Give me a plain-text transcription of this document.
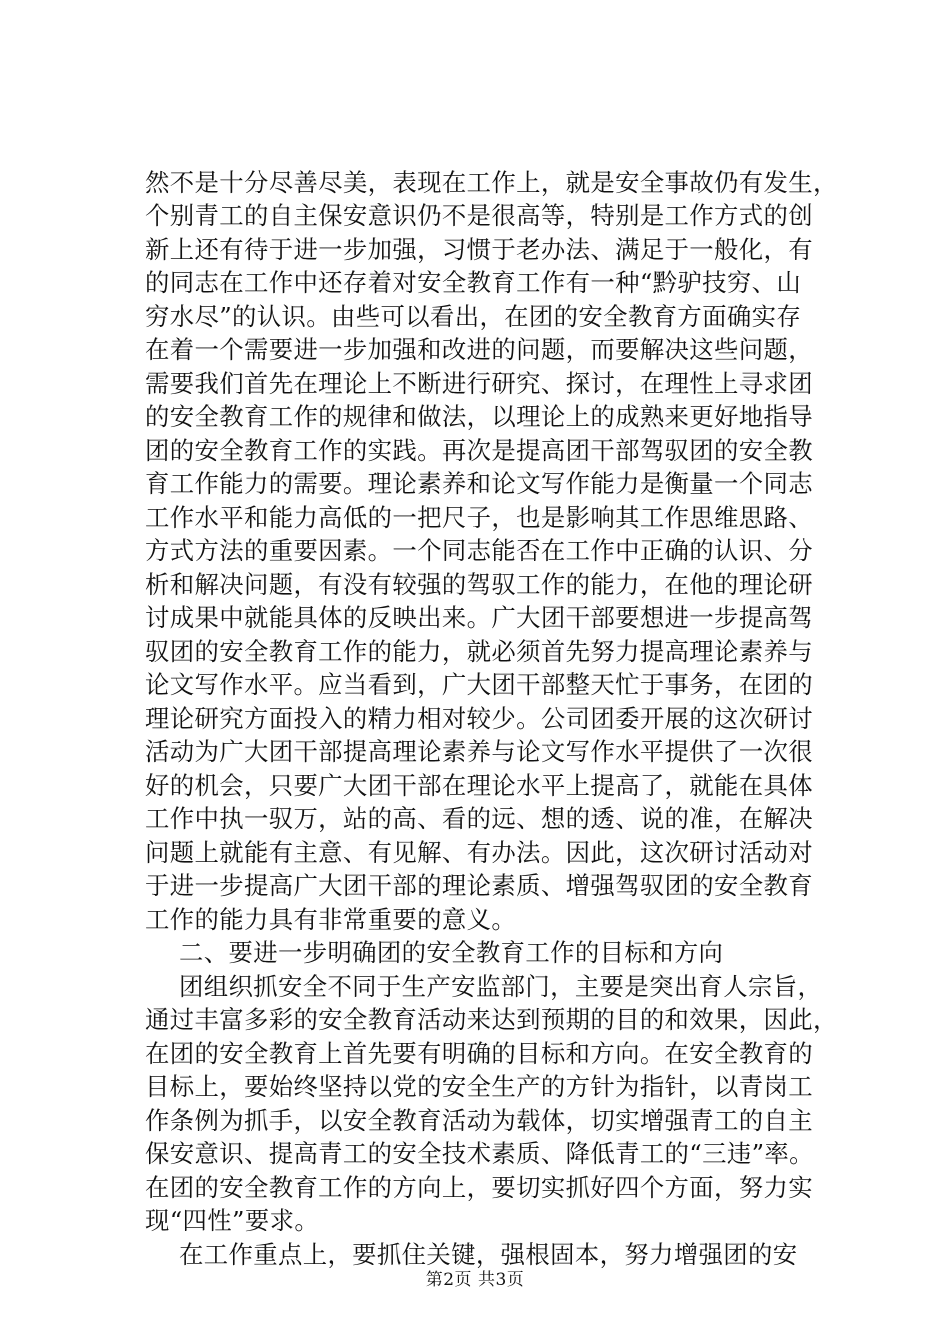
然不是十分尽善尽美，表现在工作上，就是安全事故仍有发生，
个别青工的自主保安意识仍不是很高等，特别是工作方式的创
新上还有待于进一步加强，习惯于老办法、满足于一般化，有
的同志在工作中还存着对安全教育工作有一种“黔驴技穷、山
穷水尽”的认识。由些可以看出，在团的安全教育方面确实存
在着一个需要进一步加强和改进的问题，而要解决这些问题，
需要我们首先在理论上不断进行研究、探讨，在理性上寻求团
的安全教育工作的规律和做法，以理论上的成熟来更好地指导
团的安全教育工作的实践。再次是提高团干部驾驭团的安全教
育工作能力的需要。理论素养和论文写作能力是衡量一个同志
工作水平和能力高低的一把尺子，也是影响其工作思维思路、
方式方法的重要因素。一个同志能否在工作中正确的认识、分
析和解决问题，有没有较强的驾驭工作的能力，在他的理论研
讨成果中就能具体的反映出来。广大团干部要想进一步提高驾
驭团的安全教育工作的能力，就必须首先努力提高理论素养与
论文写作水平。应当看到，广大团干部整天忙于事务，在团的
理论研究方面投入的精力相对较少。公司团委开展的这次研讨
活动为广大团干部提高理论素养与论文写作水平提供了一次很
好的机会，只要广大团干部在理论水平上提高了，就能在具体
工作中执一驭万，站的高、看的远、想的透、说的准，在解决
问题上就能有主意、有见解、有办法。因此，这次研讨活动对
于进一步提高广大团干部的理论素质、增强驾驭团的安全教育
工作的能力具有非常重要的意义。
二、要进一步明确团的安全教育工作的目标和方向
团组织抓安全不同于生产安监部门，主要是突出育人宗旨，
通过丰富多彩的安全教育活动来达到预期的目的和效果，因此，
在团的安全教育上首先要有明确的目标和方向。在安全教育的
目标上，要始终坚持以党的安全生产的方针为指针，以青岗工
作条例为抓手，以安全教育活动为载体，切实增强青工的自主
保安意识、提高青工的安全技术素质、降低青工的“三违”率。
在团的安全教育工作的方向上，要切实抓好四个方面，努力实
现“四性”要求。
在工作重点上，要抓住关键，强根固本，努力增强团的安
第2页 共3页
